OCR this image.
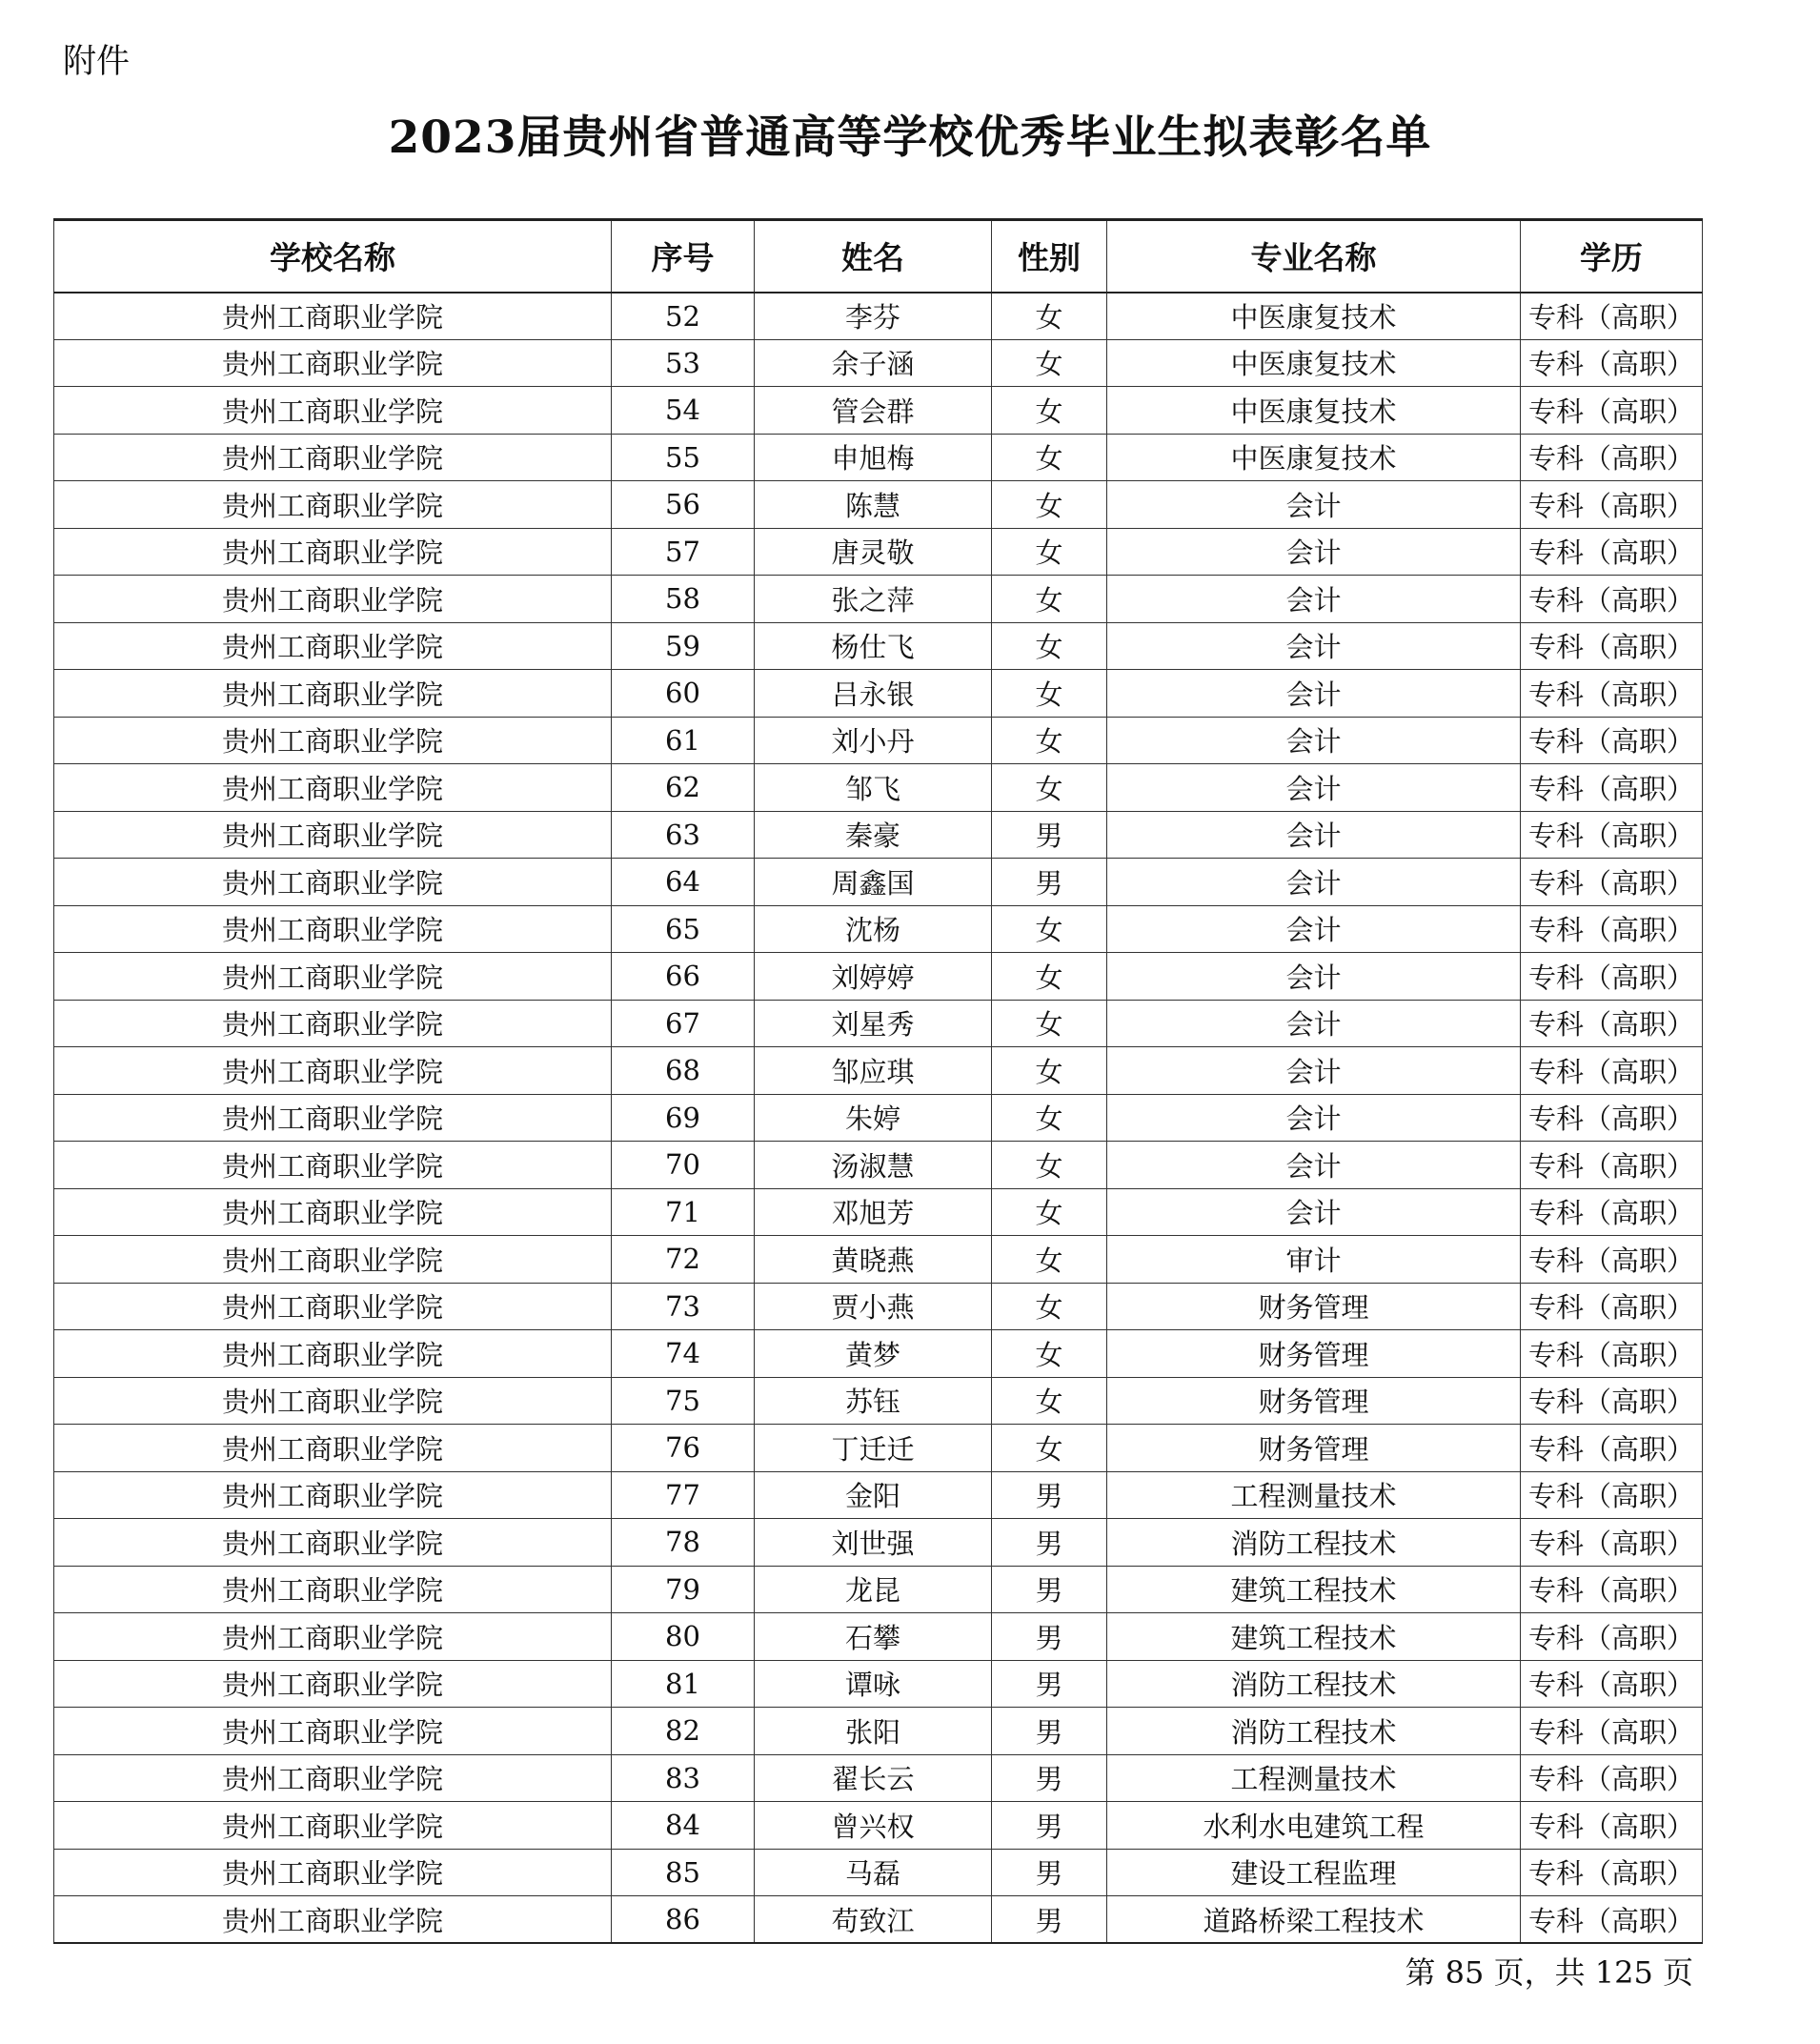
附件
2023届贵州省普通高等学校优秀毕业生拟表彰名单
学校名称	序号	姓名	性别	专业名称	学历
贵州工商职业学院	52	李芬	女	中医康复技术	专科（高职）
贵州工商职业学院	53	余子涵	女	中医康复技术	专科（高职）
贵州工商职业学院	54	管会群	女	中医康复技术	专科（高职）
贵州工商职业学院	55	申旭梅	女	中医康复技术	专科（高职）
贵州工商职业学院	56	陈慧	女	会计	专科（高职）
贵州工商职业学院	57	唐灵敬	女	会计	专科（高职）
贵州工商职业学院	58	张之萍	女	会计	专科（高职）
贵州工商职业学院	59	杨仕飞	女	会计	专科（高职）
贵州工商职业学院	60	吕永银	女	会计	专科（高职）
贵州工商职业学院	61	刘小丹	女	会计	专科（高职）
贵州工商职业学院	62	邹飞	女	会计	专科（高职）
贵州工商职业学院	63	秦豪	男	会计	专科（高职）
贵州工商职业学院	64	周鑫国	男	会计	专科（高职）
贵州工商职业学院	65	沈杨	女	会计	专科（高职）
贵州工商职业学院	66	刘婷婷	女	会计	专科（高职）
贵州工商职业学院	67	刘星秀	女	会计	专科（高职）
贵州工商职业学院	68	邹应琪	女	会计	专科（高职）
贵州工商职业学院	69	朱婷	女	会计	专科（高职）
贵州工商职业学院	70	汤淑慧	女	会计	专科（高职）
贵州工商职业学院	71	邓旭芳	女	会计	专科（高职）
贵州工商职业学院	72	黄晓燕	女	审计	专科（高职）
贵州工商职业学院	73	贾小燕	女	财务管理	专科（高职）
贵州工商职业学院	74	黄梦	女	财务管理	专科（高职）
贵州工商职业学院	75	苏钰	女	财务管理	专科（高职）
贵州工商职业学院	76	丁迁迁	女	财务管理	专科（高职）
贵州工商职业学院	77	金阳	男	工程测量技术	专科（高职）
贵州工商职业学院	78	刘世强	男	消防工程技术	专科（高职）
贵州工商职业学院	79	龙昆	男	建筑工程技术	专科（高职）
贵州工商职业学院	80	石攀	男	建筑工程技术	专科（高职）
贵州工商职业学院	81	谭咏	男	消防工程技术	专科（高职）
贵州工商职业学院	82	张阳	男	消防工程技术	专科（高职）
贵州工商职业学院	83	翟长云	男	工程测量技术	专科（高职）
贵州工商职业学院	84	曾兴权	男	水利水电建筑工程	专科（高职）
贵州工商职业学院	85	马磊	男	建设工程监理	专科（高职）
贵州工商职业学院	86	苟致江	男	道路桥梁工程技术	专科（高职）
第 85 页，共 125 页
